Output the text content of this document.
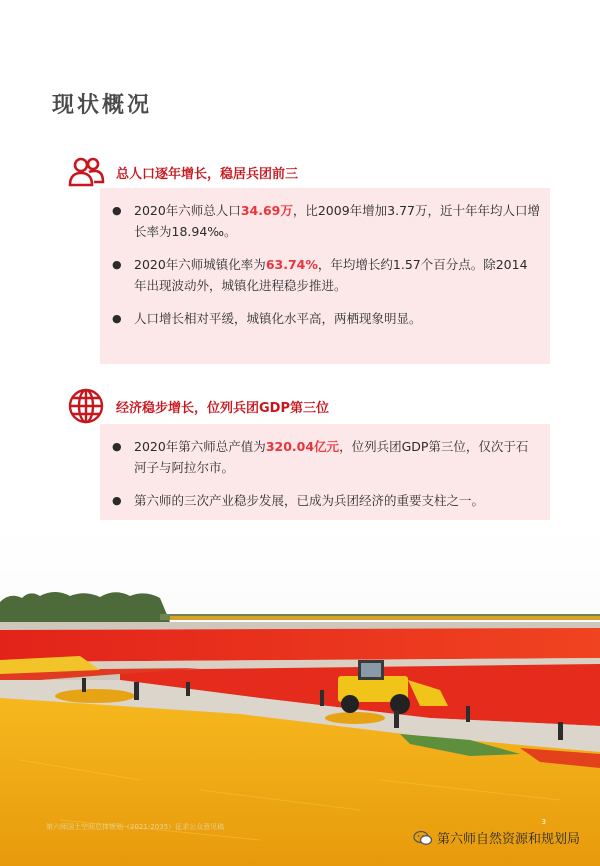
现状概况
总人口逐年增长，稳居兵团前三
● 2020年六师总人口34.69万，比2009年增加3.77万，近十年年均人口增长率为18.94‰。
● 2020年六师城镇化率为63.74%，年均增长约1.57个百分点。除2014年出现波动外，城镇化进程稳步推进。
● 人口增长相对平缓，城镇化水平高，两栖现象明显。
经济稳步增长，位列兵团GDP第三位
● 2020年第六师总产值为320.04亿元，位列兵团GDP第三位，仅次于石河子与阿拉尔市。
● 第六师的三次产业稳步发展，已成为兵团经济的重要支柱之一。
第六师国土空间总体规划（2021-2035）征求公众意见稿
3
第六师自然资源和规划局
